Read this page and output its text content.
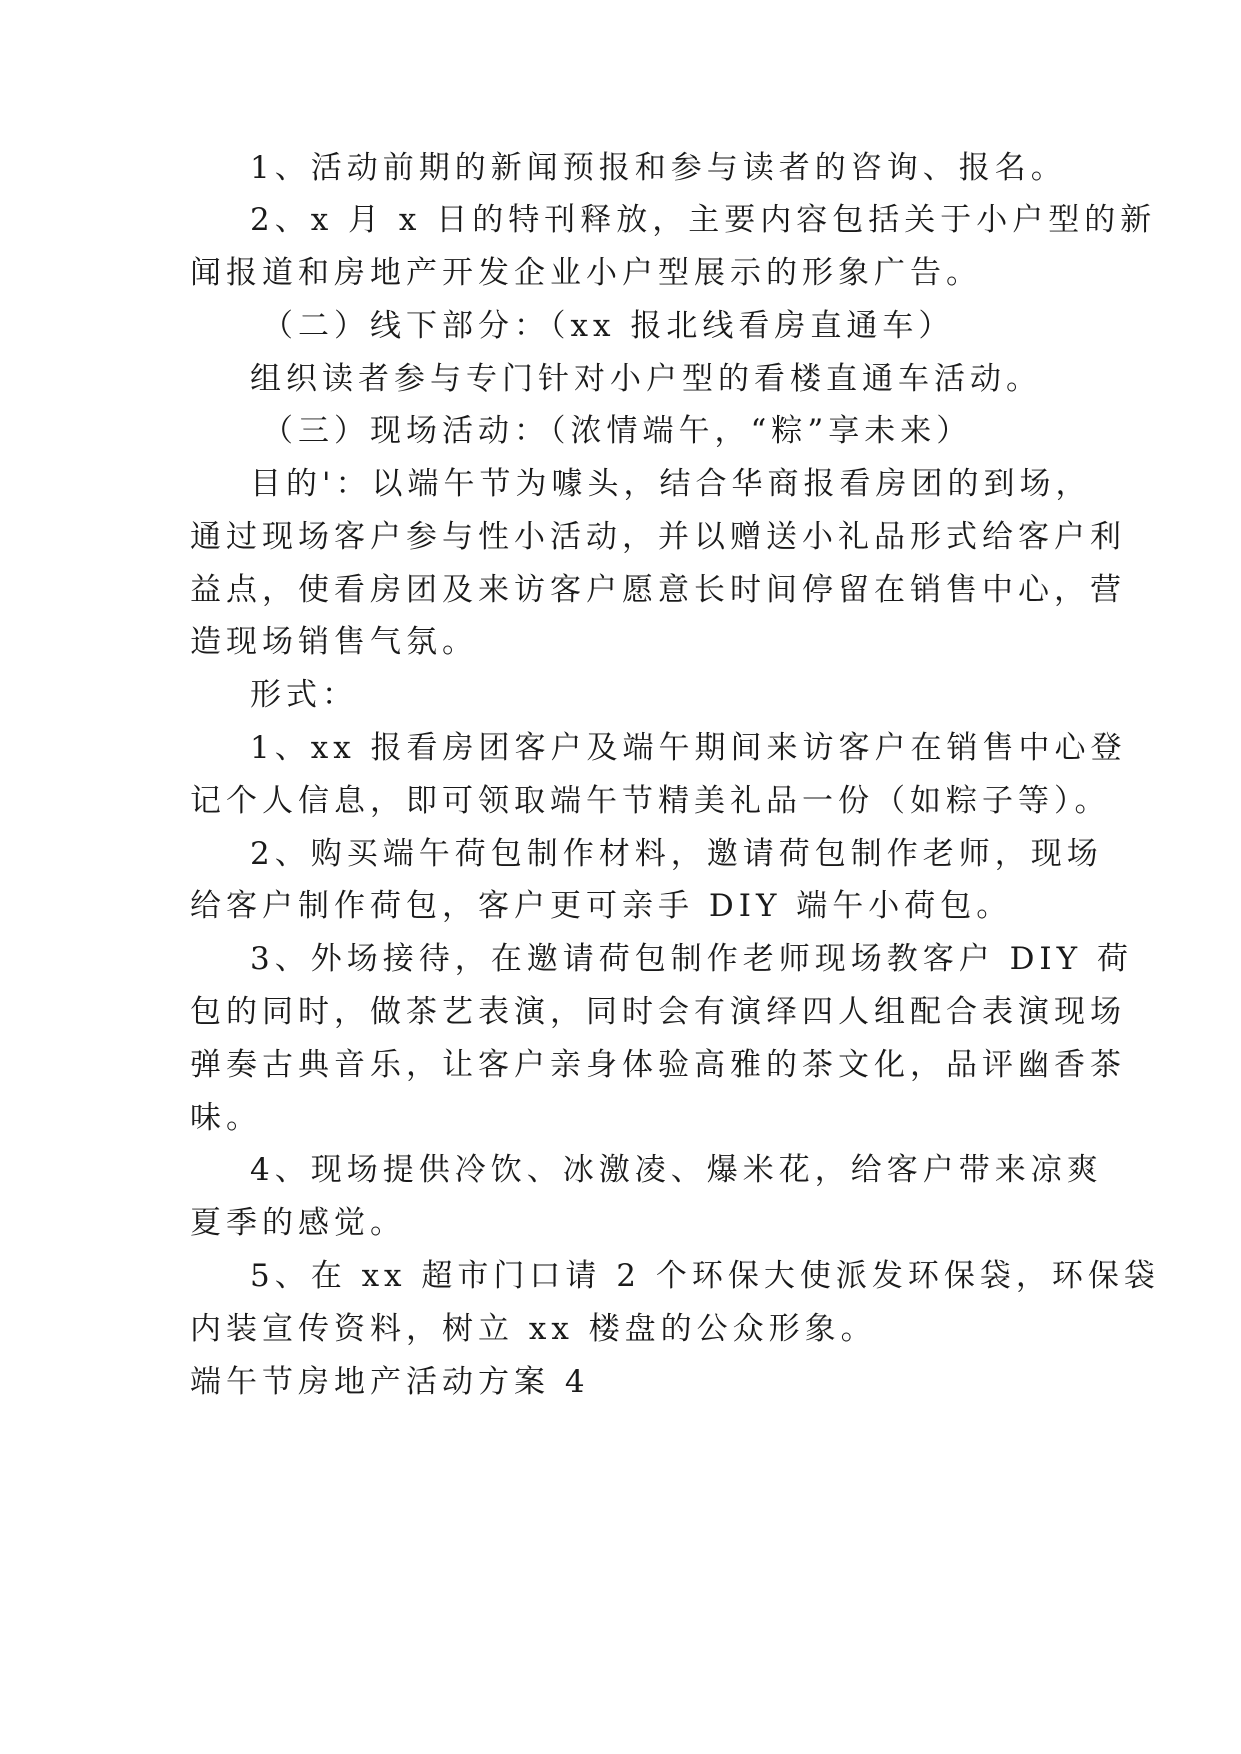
1、活动前期的新闻预报和参与读者的咨询、报名。
2、x 月 x 日的特刊释放，主要内容包括关于小户型的新
闻报道和房地产开发企业小户型展示的形象广告。
（二）线下部分：（xx 报北线看房直通车）
组织读者参与专门针对小户型的看楼直通车活动。
（三）现场活动：（浓情端午，“粽”享未来）
目的'：以端午节为噱头，结合华商报看房团的到场，
通过现场客户参与性小活动，并以赠送小礼品形式给客户利
益点，使看房团及来访客户愿意长时间停留在销售中心，营
造现场销售气氛。
形式：
1、xx 报看房团客户及端午期间来访客户在销售中心登
记个人信息，即可领取端午节精美礼品一份（如粽子等）。
2、购买端午荷包制作材料，邀请荷包制作老师，现场
给客户制作荷包，客户更可亲手 DIY 端午小荷包。
3、外场接待，在邀请荷包制作老师现场教客户 DIY 荷
包的同时，做茶艺表演，同时会有演绎四人组配合表演现场
弹奏古典音乐，让客户亲身体验高雅的茶文化，品评幽香茶
味。
4、现场提供冷饮、冰激凌、爆米花，给客户带来凉爽
夏季的感觉。
5、在 xx 超市门口请 2 个环保大使派发环保袋，环保袋
内装宣传资料，树立 xx 楼盘的公众形象。
端午节房地产活动方案 4
